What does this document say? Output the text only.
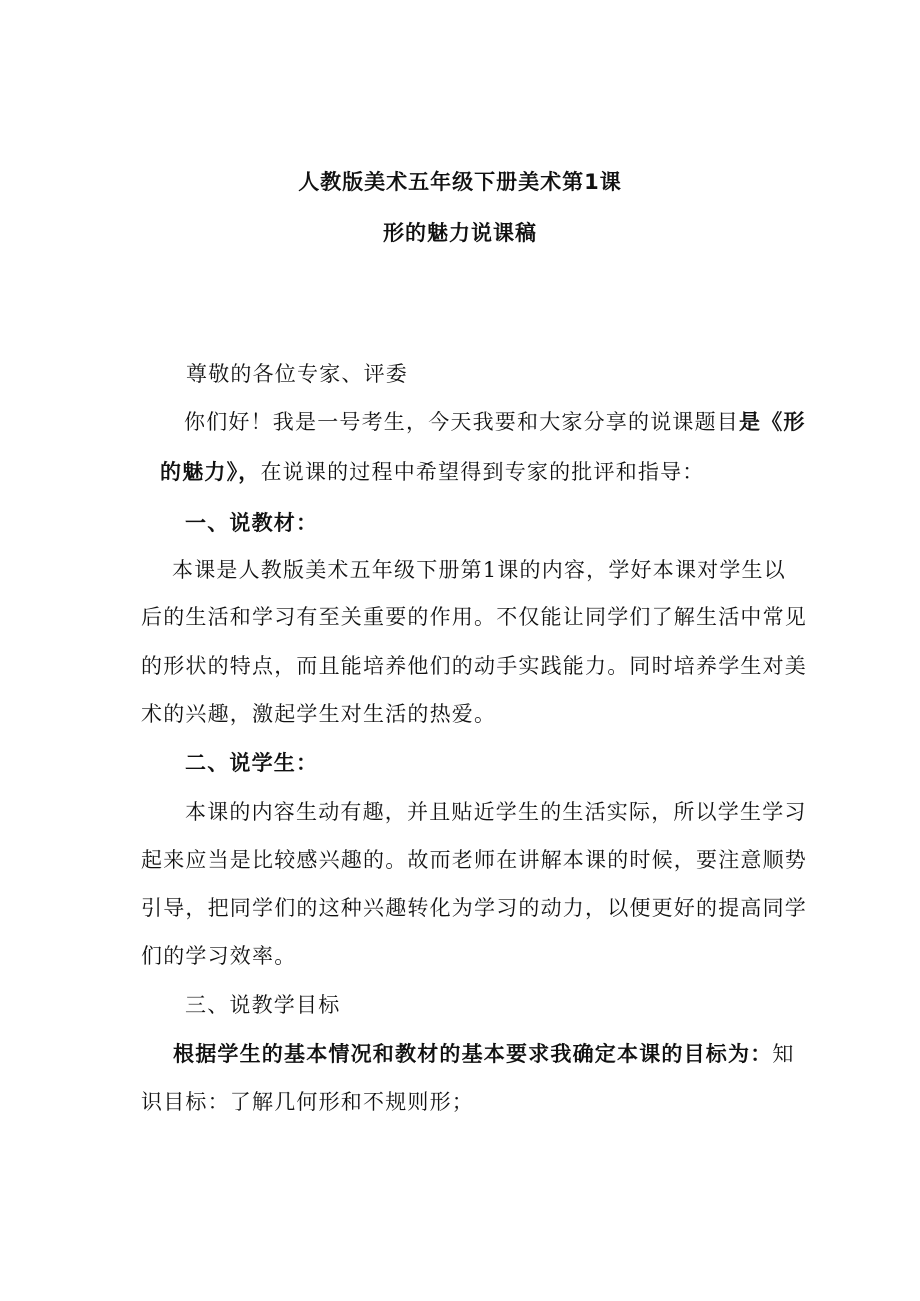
人教版美术五年级下册美术第1课
形的魅力说课稿
尊敬的各位专家、评委
你们好！我是一号考生，今天我要和大家分享的说课题目是《形
的魅力》，在说课的过程中希望得到专家的批评和指导：
一、说教材：
本课是人教版美术五年级下册第1课的内容，学好本课对学生以
后的生活和学习有至关重要的作用。不仅能让同学们了解生活中常见
的形状的特点，而且能培养他们的动手实践能力。同时培养学生对美
术的兴趣，激起学生对生活的热爱。
二、说学生：
本课的内容生动有趣，并且贴近学生的生活实际，所以学生学习
起来应当是比较感兴趣的。故而老师在讲解本课的时候，要注意顺势
引导，把同学们的这种兴趣转化为学习的动力，以便更好的提高同学
们的学习效率。
三、说教学目标
根据学生的基本情况和教材的基本要求我确定本课的目标为：知
识目标：了解几何形和不规则形；
